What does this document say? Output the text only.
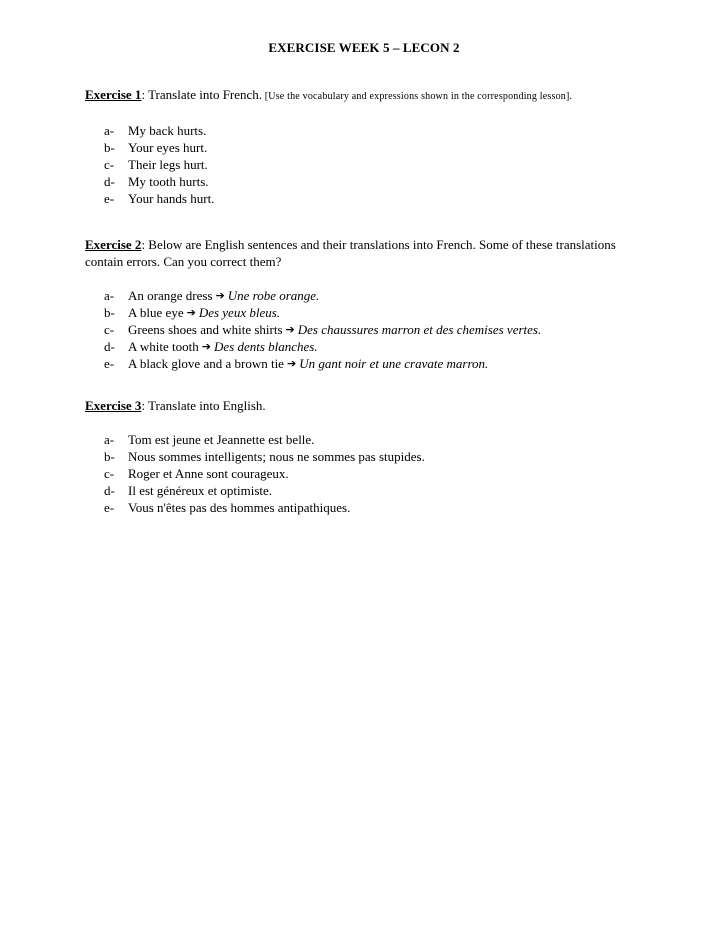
EXERCISE WEEK 5 – LECON 2

Exercise 1: Translate into French. [Use the vocabulary and expressions shown in the corresponding lesson].

a-	My back hurts.
b-	Your eyes hurt.
c-	Their legs hurt.
d-	My tooth hurts.
e-	Your hands hurt.

Exercise 2: Below are English sentences and their translations into French. Some of these translations contain errors. Can you correct them?

a-	An orange dress ➔ Une robe orange.
b-	A blue eye ➔ Des yeux bleus.
c-	Greens shoes and white shirts ➔ Des chaussures marron et des chemises vertes.
d-	A white tooth ➔ Des dents blanches.
e-	A black glove and a brown tie ➔ Un gant noir et une cravate marron.

Exercise 3: Translate into English.

a-	Tom est jeune et Jeannette est belle.
b-	Nous sommes intelligents; nous ne sommes pas stupides.
c-	Roger et Anne sont courageux.
d-	Il est généreux et optimiste.
e-	Vous n'êtes pas des hommes antipathiques.
